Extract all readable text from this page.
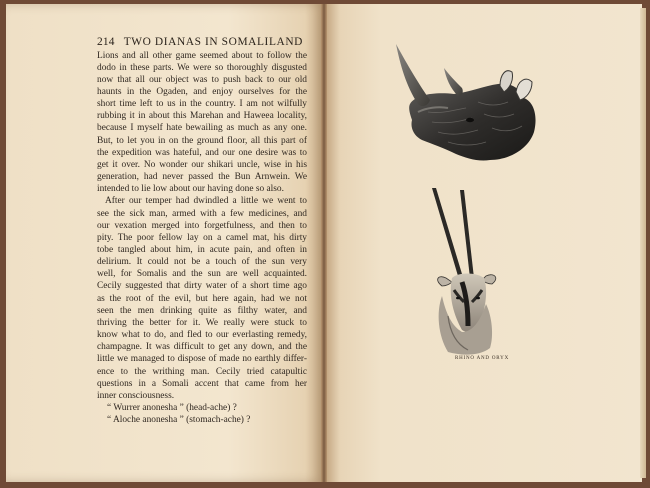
214 TWO DIANAS IN SOMALILAND
Lions and all other game seemed about to follow the
dodo in these parts. We were so thoroughly disgusted
now that all our object was to push back to our old
haunts in the Ogaden, and enjoy ourselves for the
short time left to us in the country. I am not wilfully
rubbing it in about this Marehan and Haweea locality,
because I myself hate bewailing as much as any one.
But, to let you in on the ground floor, all this part of
the expedition was hateful, and our one desire was to
get it over. No wonder our shikari uncle, wise in his
generation, had never passed the Bun Arnwein. We
intended to lie low about our having done so also.
After our temper had dwindled a little we went to
see the sick man, armed with a few medicines, and
our vexation merged into forgetfulness, and then to
pity. The poor fellow lay on a camel mat, his dirty
tobe tangled about him, in acute pain, and often in
delirium. It could not be a touch of the sun very
well, for Somalis and the sun are well acquainted.
Cecily suggested that dirty water of a short time ago
as the root of the evil, but here again, had we not
seen the men drinking quite as filthy water, and
thriving the better for it. We really were stuck to
know what to do, and fled to our everlasting remedy,
champagne. It was difficult to get any down, and the
little we managed to dispose of made no earthly differ-
ence to the writhing man. Cecily tried catapultic
questions in a Somali accent that came from her
inner consciousness.
“ Wurrer anonesha ” (head-ache) ?
“ Aloche anonesha ” (stomach-ache) ?
RHINO AND ORYX
